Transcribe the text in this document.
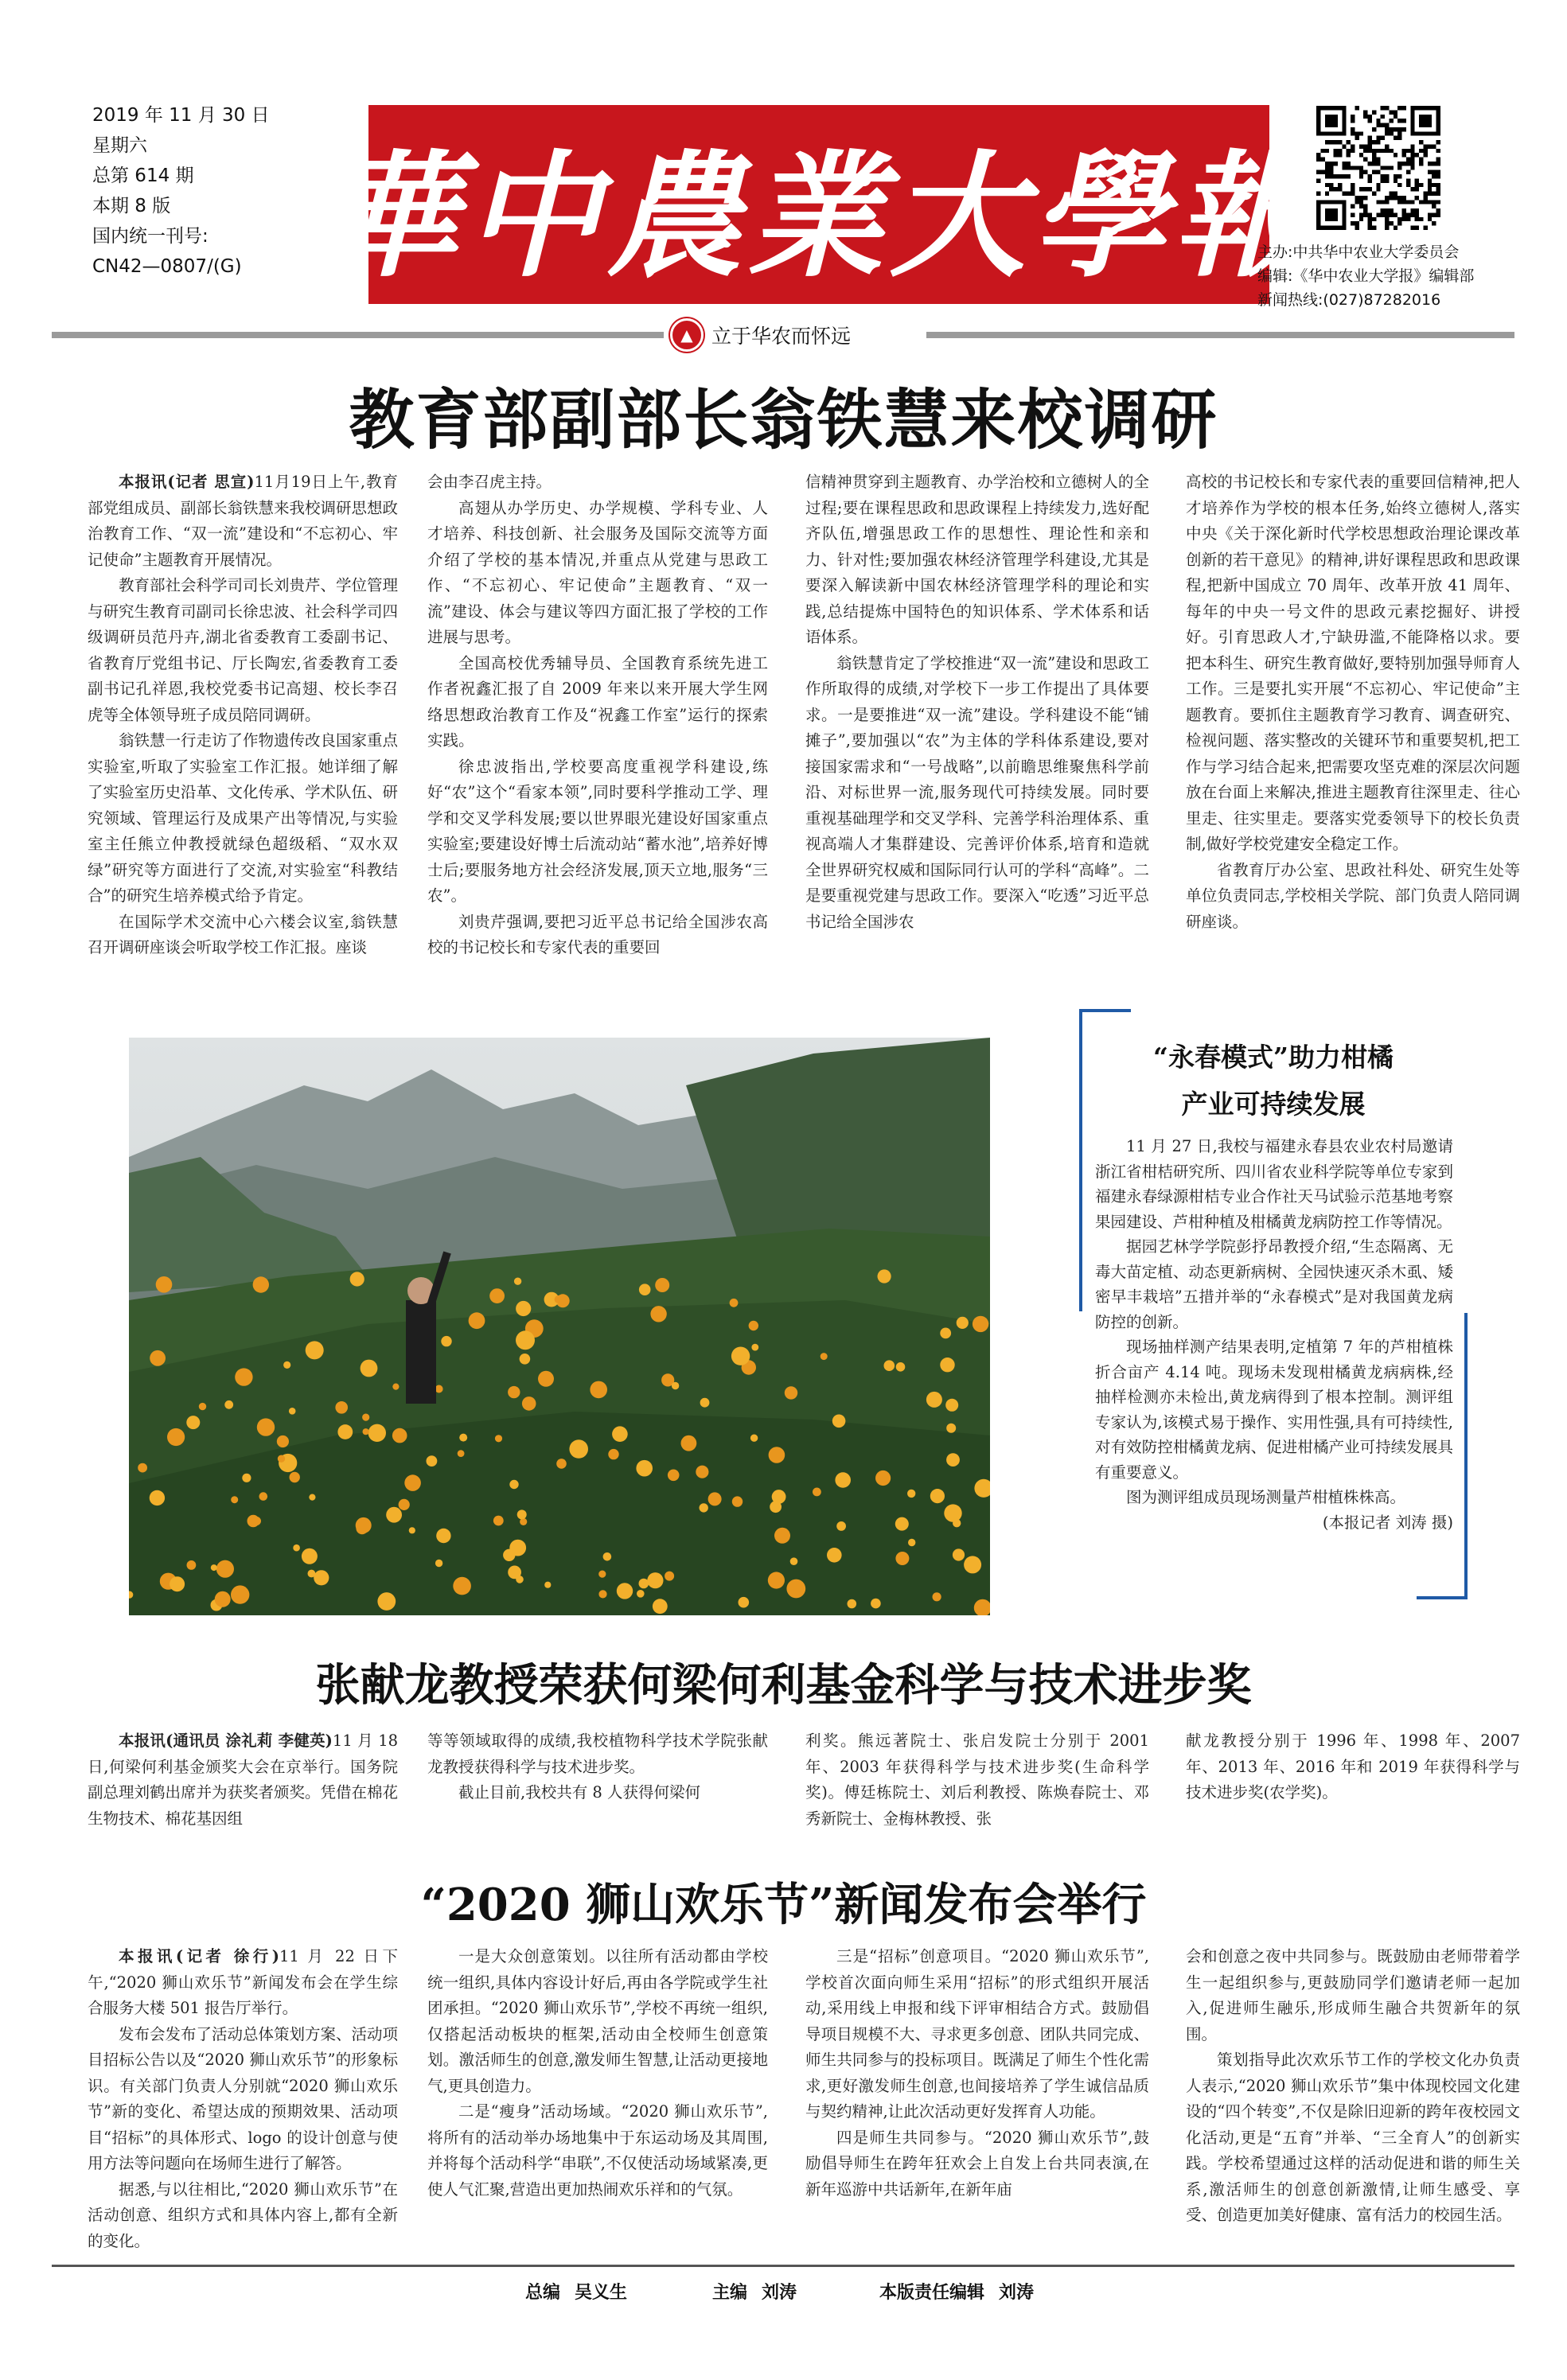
2019 年 11 月 30 日
星期六
总第 614 期
本期 8 版
国内统一刊号:
CN42—0807/(G) 華中農業大學報
主办:中共华中农业大学委员会
编辑:《华中农业大学报》编辑部
新闻热线:(027)87282016
▲ 立于华农而怀远
教育部副部长翁铁慧来校调研

本报讯(记者 思宣)11月19日上午,教育部党组成员、副部长翁铁慧来我校调研思想政治教育工作、“双一流”建设和“不忘初心、牢记使命”主题教育开展情况。

教育部社会科学司司长刘贵芹、学位管理与研究生教育司副司长徐忠波、社会科学司四级调研员范丹卉,湖北省委教育工委副书记、省教育厅党组书记、厅长陶宏,省委教育工委副书记孔祥恩,我校党委书记高翅、校长李召虎等全体领导班子成员陪同调研。

翁铁慧一行走访了作物遗传改良国家重点实验室,听取了实验室工作汇报。她详细了解了实验室历史沿革、文化传承、学术队伍、研究领域、管理运行及成果产出等情况,与实验室主任熊立仲教授就绿色超级稻、“双水双绿”研究等方面进行了交流,对实验室“科教结合”的研究生培养模式给予肯定。

在国际学术交流中心六楼会议室,翁铁慧召开调研座谈会听取学校工作汇报。座谈

会由李召虎主持。

高翅从办学历史、办学规模、学科专业、人才培养、科技创新、社会服务及国际交流等方面介绍了学校的基本情况,并重点从党建与思政工作、“不忘初心、牢记使命”主题教育、“双一流”建设、体会与建议等四方面汇报了学校的工作进展与思考。

全国高校优秀辅导员、全国教育系统先进工作者祝鑫汇报了自 2009 年来以来开展大学生网络思想政治教育工作及“祝鑫工作室”运行的探索实践。

徐忠波指出,学校要高度重视学科建设,练好“农”这个“看家本领”,同时要科学推动工学、理学和交叉学科发展;要以世界眼光建设好国家重点实验室;要建设好博士后流动站“蓄水池”,培养好博士后;要服务地方社会经济发展,顶天立地,服务“三农”。

刘贵芹强调,要把习近平总书记给全国涉农高校的书记校长和专家代表的重要回

信精神贯穿到主题教育、办学治校和立德树人的全过程;要在课程思政和思政课程上持续发力,选好配齐队伍,增强思政工作的思想性、理论性和亲和力、针对性;要加强农林经济管理学科建设,尤其是要深入解读新中国农林经济管理学科的理论和实践,总结提炼中国特色的知识体系、学术体系和话语体系。

翁铁慧肯定了学校推进“双一流”建设和思政工作所取得的成绩,对学校下一步工作提出了具体要求。一是要推进“双一流”建设。学科建设不能“铺摊子”,要加强以“农”为主体的学科体系建设,要对接国家需求和“一号战略”,以前瞻思维聚焦科学前沿、对标世界一流,服务现代可持续发展。同时要重视基础理学和交叉学科、完善学科治理体系、重视高端人才集群建设、完善评价体系,培育和造就全世界研究权威和国际同行认可的学科“高峰”。二是要重视党建与思政工作。要深入“吃透”习近平总书记给全国涉农

高校的书记校长和专家代表的重要回信精神,把人才培养作为学校的根本任务,始终立德树人,落实中央《关于深化新时代学校思想政治理论课改革创新的若干意见》的精神,讲好课程思政和思政课程,把新中国成立 70 周年、改革开放 41 周年、每年的中央一号文件的思政元素挖掘好、讲授好。引育思政人才,宁缺毋滥,不能降格以求。要把本科生、研究生教育做好,要特别加强导师育人工作。三是要扎实开展“不忘初心、牢记使命”主题教育。要抓住主题教育学习教育、调查研究、检视问题、落实整改的关键环节和重要契机,把工作与学习结合起来,把需要攻坚克难的深层次问题放在台面上来解决,推进主题教育往深里走、往心里走、往实里走。要落实党委领导下的校长负责制,做好学校党建安全稳定工作。

省教育厅办公室、思政社科处、研究生处等单位负责同志,学校相关学院、部门负责人陪同调研座谈。

“永春模式”助力柑橘
产业可持续发展

11 月 27 日,我校与福建永春县农业农村局邀请浙江省柑桔研究所、四川省农业科学院等单位专家到福建永春绿源柑桔专业合作社天马试验示范基地考察果园建设、芦柑种植及柑橘黄龙病防控工作等情况。

据园艺林学学院彭抒昂教授介绍,“生态隔离、无毒大苗定植、动态更新病树、全园快速灭杀木虱、矮密早丰栽培”五措并举的“永春模式”是对我国黄龙病防控的创新。

现场抽样测产结果表明,定植第 7 年的芦柑植株折合亩产 4.14 吨。现场未发现柑橘黄龙病病株,经抽样检测亦未检出,黄龙病得到了根本控制。测评组专家认为,该模式易于操作、实用性强,具有可持续性,对有效防控柑橘黄龙病、促进柑橘产业可持续发展具有重要意义。

图为测评组成员现场测量芦柑植株株高。

(本报记者 刘涛 摄)

张献龙教授荣获何梁何利基金科学与技术进步奖

本报讯(通讯员 涂礼莉 李健英)11 月 18 日,何梁何利基金颁奖大会在京举行。国务院副总理刘鹤出席并为获奖者颁奖。凭借在棉花生物技术、棉花基因组

等等领域取得的成绩,我校植物科学技术学院张献龙教授获得科学与技术进步奖。

截止目前,我校共有 8 人获得何梁何

利奖。熊远著院士、张启发院士分别于 2001 年、2003 年获得科学与技术进步奖(生命科学奖)。傅廷栋院士、刘后利教授、陈焕春院士、邓秀新院士、金梅林教授、张

献龙教授分别于 1996 年、1998 年、2007 年、2013 年、2016 年和 2019 年获得科学与技术进步奖(农学奖)。

“2020 狮山欢乐节”新闻发布会举行

本报讯(记者 徐行)11 月 22 日下午,“2020 狮山欢乐节”新闻发布会在学生综合服务大楼 501 报告厅举行。

发布会发布了活动总体策划方案、活动项目招标公告以及“2020 狮山欢乐节”的形象标识。有关部门负责人分别就“2020 狮山欢乐节”新的变化、希望达成的预期效果、活动项目“招标”的具体形式、logo 的设计创意与使用方法等问题向在场师生进行了解答。

据悉,与以往相比,“2020 狮山欢乐节”在活动创意、组织方式和具体内容上,都有全新的变化。

一是大众创意策划。以往所有活动都由学校统一组织,具体内容设计好后,再由各学院或学生社团承担。“2020 狮山欢乐节”,学校不再统一组织,仅搭起活动板块的框架,活动由全校师生创意策划。激活师生的创意,激发师生智慧,让活动更接地气,更具创造力。

二是“瘦身”活动场域。“2020 狮山欢乐节”,将所有的活动举办场地集中于东运动场及其周围,并将每个活动科学“串联”,不仅使活动场域紧凑,更使人气汇聚,营造出更加热闹欢乐祥和的气氛。

三是“招标”创意项目。“2020 狮山欢乐节”,学校首次面向师生采用“招标”的形式组织开展活动,采用线上申报和线下评审相结合方式。鼓励倡导项目规模不大、寻求更多创意、团队共同完成、师生共同参与的投标项目。既满足了师生个性化需求,更好激发师生创意,也间接培养了学生诚信品质与契约精神,让此次活动更好发挥育人功能。

四是师生共同参与。“2020 狮山欢乐节”,鼓励倡导师生在跨年狂欢会上自发上台共同表演,在新年巡游中共话新年,在新年庙

会和创意之夜中共同参与。既鼓励由老师带着学生一起组织参与,更鼓励同学们邀请老师一起加入,促进师生融乐,形成师生融合共贺新年的氛围。

策划指导此次欢乐节工作的学校文化办负责人表示,“2020 狮山欢乐节”集中体现校园文化建设的“四个转变”,不仅是除旧迎新的跨年夜校园文化活动,更是“五育”并举、“三全育人”的创新实践。学校希望通过这样的活动促进和谐的师生关系,激活师生的创意创新激情,让师生感受、享受、创造更加美好健康、富有活力的校园生活。

总编 吴义生	主编 刘涛	本版责任编辑 刘涛
